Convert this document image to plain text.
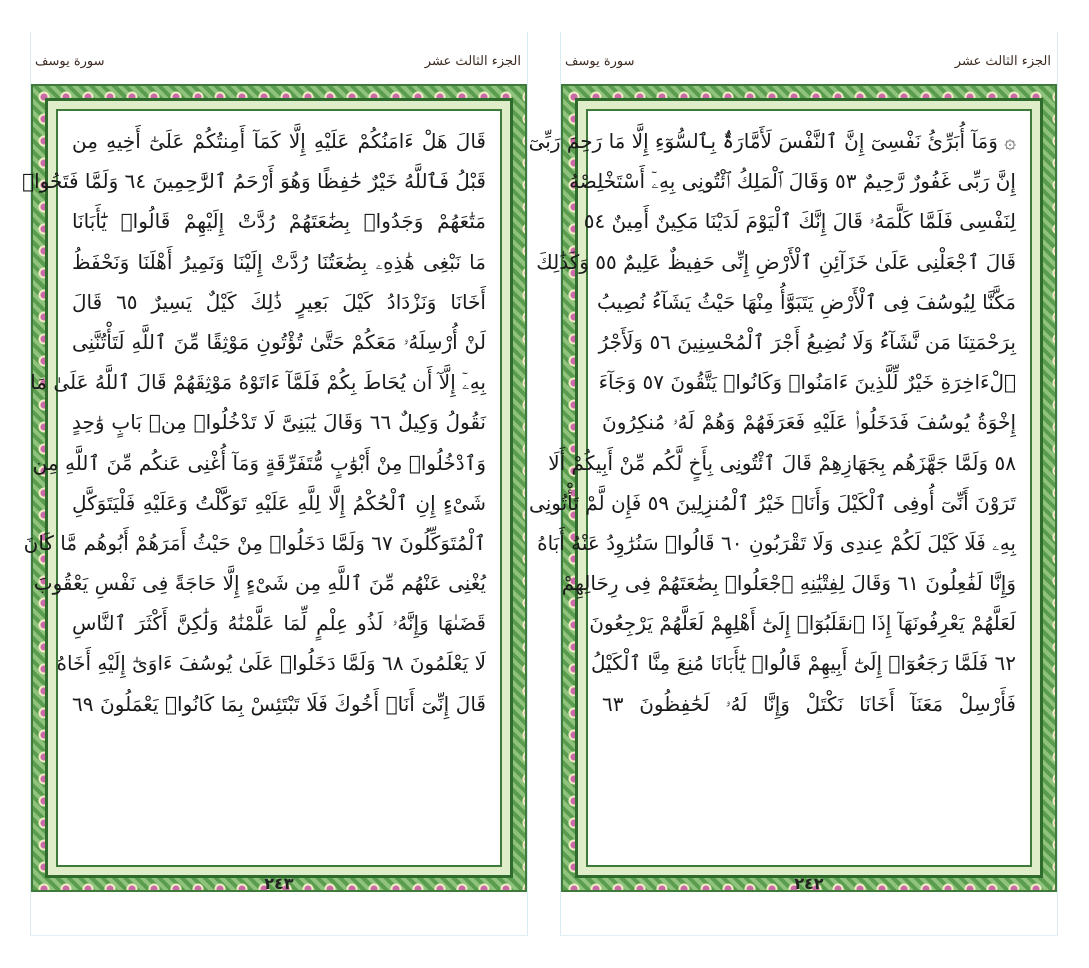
الجزء الثالث عشر
سورة يوسف
قَالَ هَلْ ءَامَنُكُمْ عَلَيْهِ إِلَّا كَمَآ أَمِنتُكُمْ عَلَىٰٓ أَخِيهِ مِن
قَبْلُ فَٱللَّهُ خَيْرٌ حَٰفِظًا وَهُوَ أَرْحَمُ ٱلرَّٰحِمِينَ ٦٤ وَلَمَّا فَتَحُوا۟
مَتَٰعَهُمْ وَجَدُوا۟ بِضَٰعَتَهُمْ رُدَّتْ إِلَيْهِمْ قَالُوا۟ يَٰٓأَبَانَا
مَا نَبْغِى هَٰذِهِۦ بِضَٰعَتُنَا رُدَّتْ إِلَيْنَا وَنَمِيرُ أَهْلَنَا وَنَحْفَظُ
أَخَانَا وَنَزْدَادُ كَيْلَ بَعِيرٍ ذَٰلِكَ كَيْلٌ يَسِيرٌ ٦٥ قَالَ
لَنْ أُرْسِلَهُۥ مَعَكُمْ حَتَّىٰ تُؤْتُونِ مَوْثِقًا مِّنَ ٱللَّهِ لَتَأْتُنَّنِى
بِهِۦٓ إِلَّآ أَن يُحَاطَ بِكُمْ فَلَمَّآ ءَاتَوْهُ مَوْثِقَهُمْ قَالَ ٱللَّهُ عَلَىٰ مَا
نَقُولُ وَكِيلٌ ٦٦ وَقَالَ يَٰبَنِىَّ لَا تَدْخُلُوا۟ مِنۢ بَابٍ وَٰحِدٍ
وَٱدْخُلُوا۟ مِنْ أَبْوَٰبٍ مُّتَفَرِّقَةٍ وَمَآ أُغْنِى عَنكُم مِّنَ ٱللَّهِ مِن
شَىْءٍ إِنِ ٱلْحُكْمُ إِلَّا لِلَّهِ عَلَيْهِ تَوَكَّلْتُ وَعَلَيْهِ فَلْيَتَوَكَّلِ
ٱلْمُتَوَكِّلُونَ ٦٧ وَلَمَّا دَخَلُوا۟ مِنْ حَيْثُ أَمَرَهُمْ أَبُوهُم مَّا كَانَ
يُغْنِى عَنْهُم مِّنَ ٱللَّهِ مِن شَىْءٍ إِلَّا حَاجَةً فِى نَفْسِ يَعْقُوبَ
قَضَىٰهَا وَإِنَّهُۥ لَذُو عِلْمٍ لِّمَا عَلَّمْنَٰهُ وَلَٰكِنَّ أَكْثَرَ ٱلنَّاسِ
لَا يَعْلَمُونَ ٦٨ وَلَمَّا دَخَلُوا۟ عَلَىٰ يُوسُفَ ءَاوَىٰٓ إِلَيْهِ أَخَاهُ
قَالَ إِنِّىٓ أَنَا۠ أَخُوكَ فَلَا تَبْتَئِسْ بِمَا كَانُوا۟ يَعْمَلُونَ ٦٩
٢٤٣
الجزء الثالث عشر
سورة يوسف
۞ وَمَآ أُبَرِّئُ نَفْسِىٓ إِنَّ ٱلنَّفْسَ لَأَمَّارَةٌۢ بِٱلسُّوٓءِ إِلَّا مَا رَحِمَ رَبِّىٓ
إِنَّ رَبِّى غَفُورٌ رَّحِيمٌ ٥٣ وَقَالَ ٱلْمَلِكُ ٱئْتُونِى بِهِۦٓ أَسْتَخْلِصْهُ
لِنَفْسِى فَلَمَّا كَلَّمَهُۥ قَالَ إِنَّكَ ٱلْيَوْمَ لَدَيْنَا مَكِينٌ أَمِينٌ ٥٤
قَالَ ٱجْعَلْنِى عَلَىٰ خَزَآئِنِ ٱلْأَرْضِ إِنِّى حَفِيظٌ عَلِيمٌ ٥٥ وَكَذَٰلِكَ
مَكَّنَّا لِيُوسُفَ فِى ٱلْأَرْضِ يَتَبَوَّأُ مِنْهَا حَيْثُ يَشَآءُ نُصِيبُ
بِرَحْمَتِنَا مَن نَّشَآءُ وَلَا نُضِيعُ أَجْرَ ٱلْمُحْسِنِينَ ٥٦ وَلَأَجْرُ
ٱلْءَاخِرَةِ خَيْرٌ لِّلَّذِينَ ءَامَنُوا۟ وَكَانُوا۟ يَتَّقُونَ ٥٧ وَجَآءَ
إِخْوَةُ يُوسُفَ فَدَخَلُوا۟ عَلَيْهِ فَعَرَفَهُمْ وَهُمْ لَهُۥ مُنكِرُونَ
٥٨ وَلَمَّا جَهَّزَهُم بِجَهَازِهِمْ قَالَ ٱئْتُونِى بِأَخٍ لَّكُم مِّنْ أَبِيكُمْ أَلَا
تَرَوْنَ أَنِّىٓ أُوفِى ٱلْكَيْلَ وَأَنَا۠ خَيْرُ ٱلْمُنزِلِينَ ٥٩ فَإِن لَّمْ تَأْتُونِى
بِهِۦ فَلَا كَيْلَ لَكُمْ عِندِى وَلَا تَقْرَبُونِ ٦٠ قَالُوا۟ سَنُرَٰوِدُ عَنْهُ أَبَاهُ
وَإِنَّا لَفَٰعِلُونَ ٦١ وَقَالَ لِفِتْيَٰنِهِ ٱجْعَلُوا۟ بِضَٰعَتَهُمْ فِى رِحَالِهِمْ
لَعَلَّهُمْ يَعْرِفُونَهَآ إِذَا ٱنقَلَبُوٓا۟ إِلَىٰٓ أَهْلِهِمْ لَعَلَّهُمْ يَرْجِعُونَ
٦٢ فَلَمَّا رَجَعُوٓا۟ إِلَىٰٓ أَبِيهِمْ قَالُوا۟ يَٰٓأَبَانَا مُنِعَ مِنَّا ٱلْكَيْلُ
فَأَرْسِلْ مَعَنَآ أَخَانَا نَكْتَلْ وَإِنَّا لَهُۥ لَحَٰفِظُونَ ٦٣
٢٤٢
